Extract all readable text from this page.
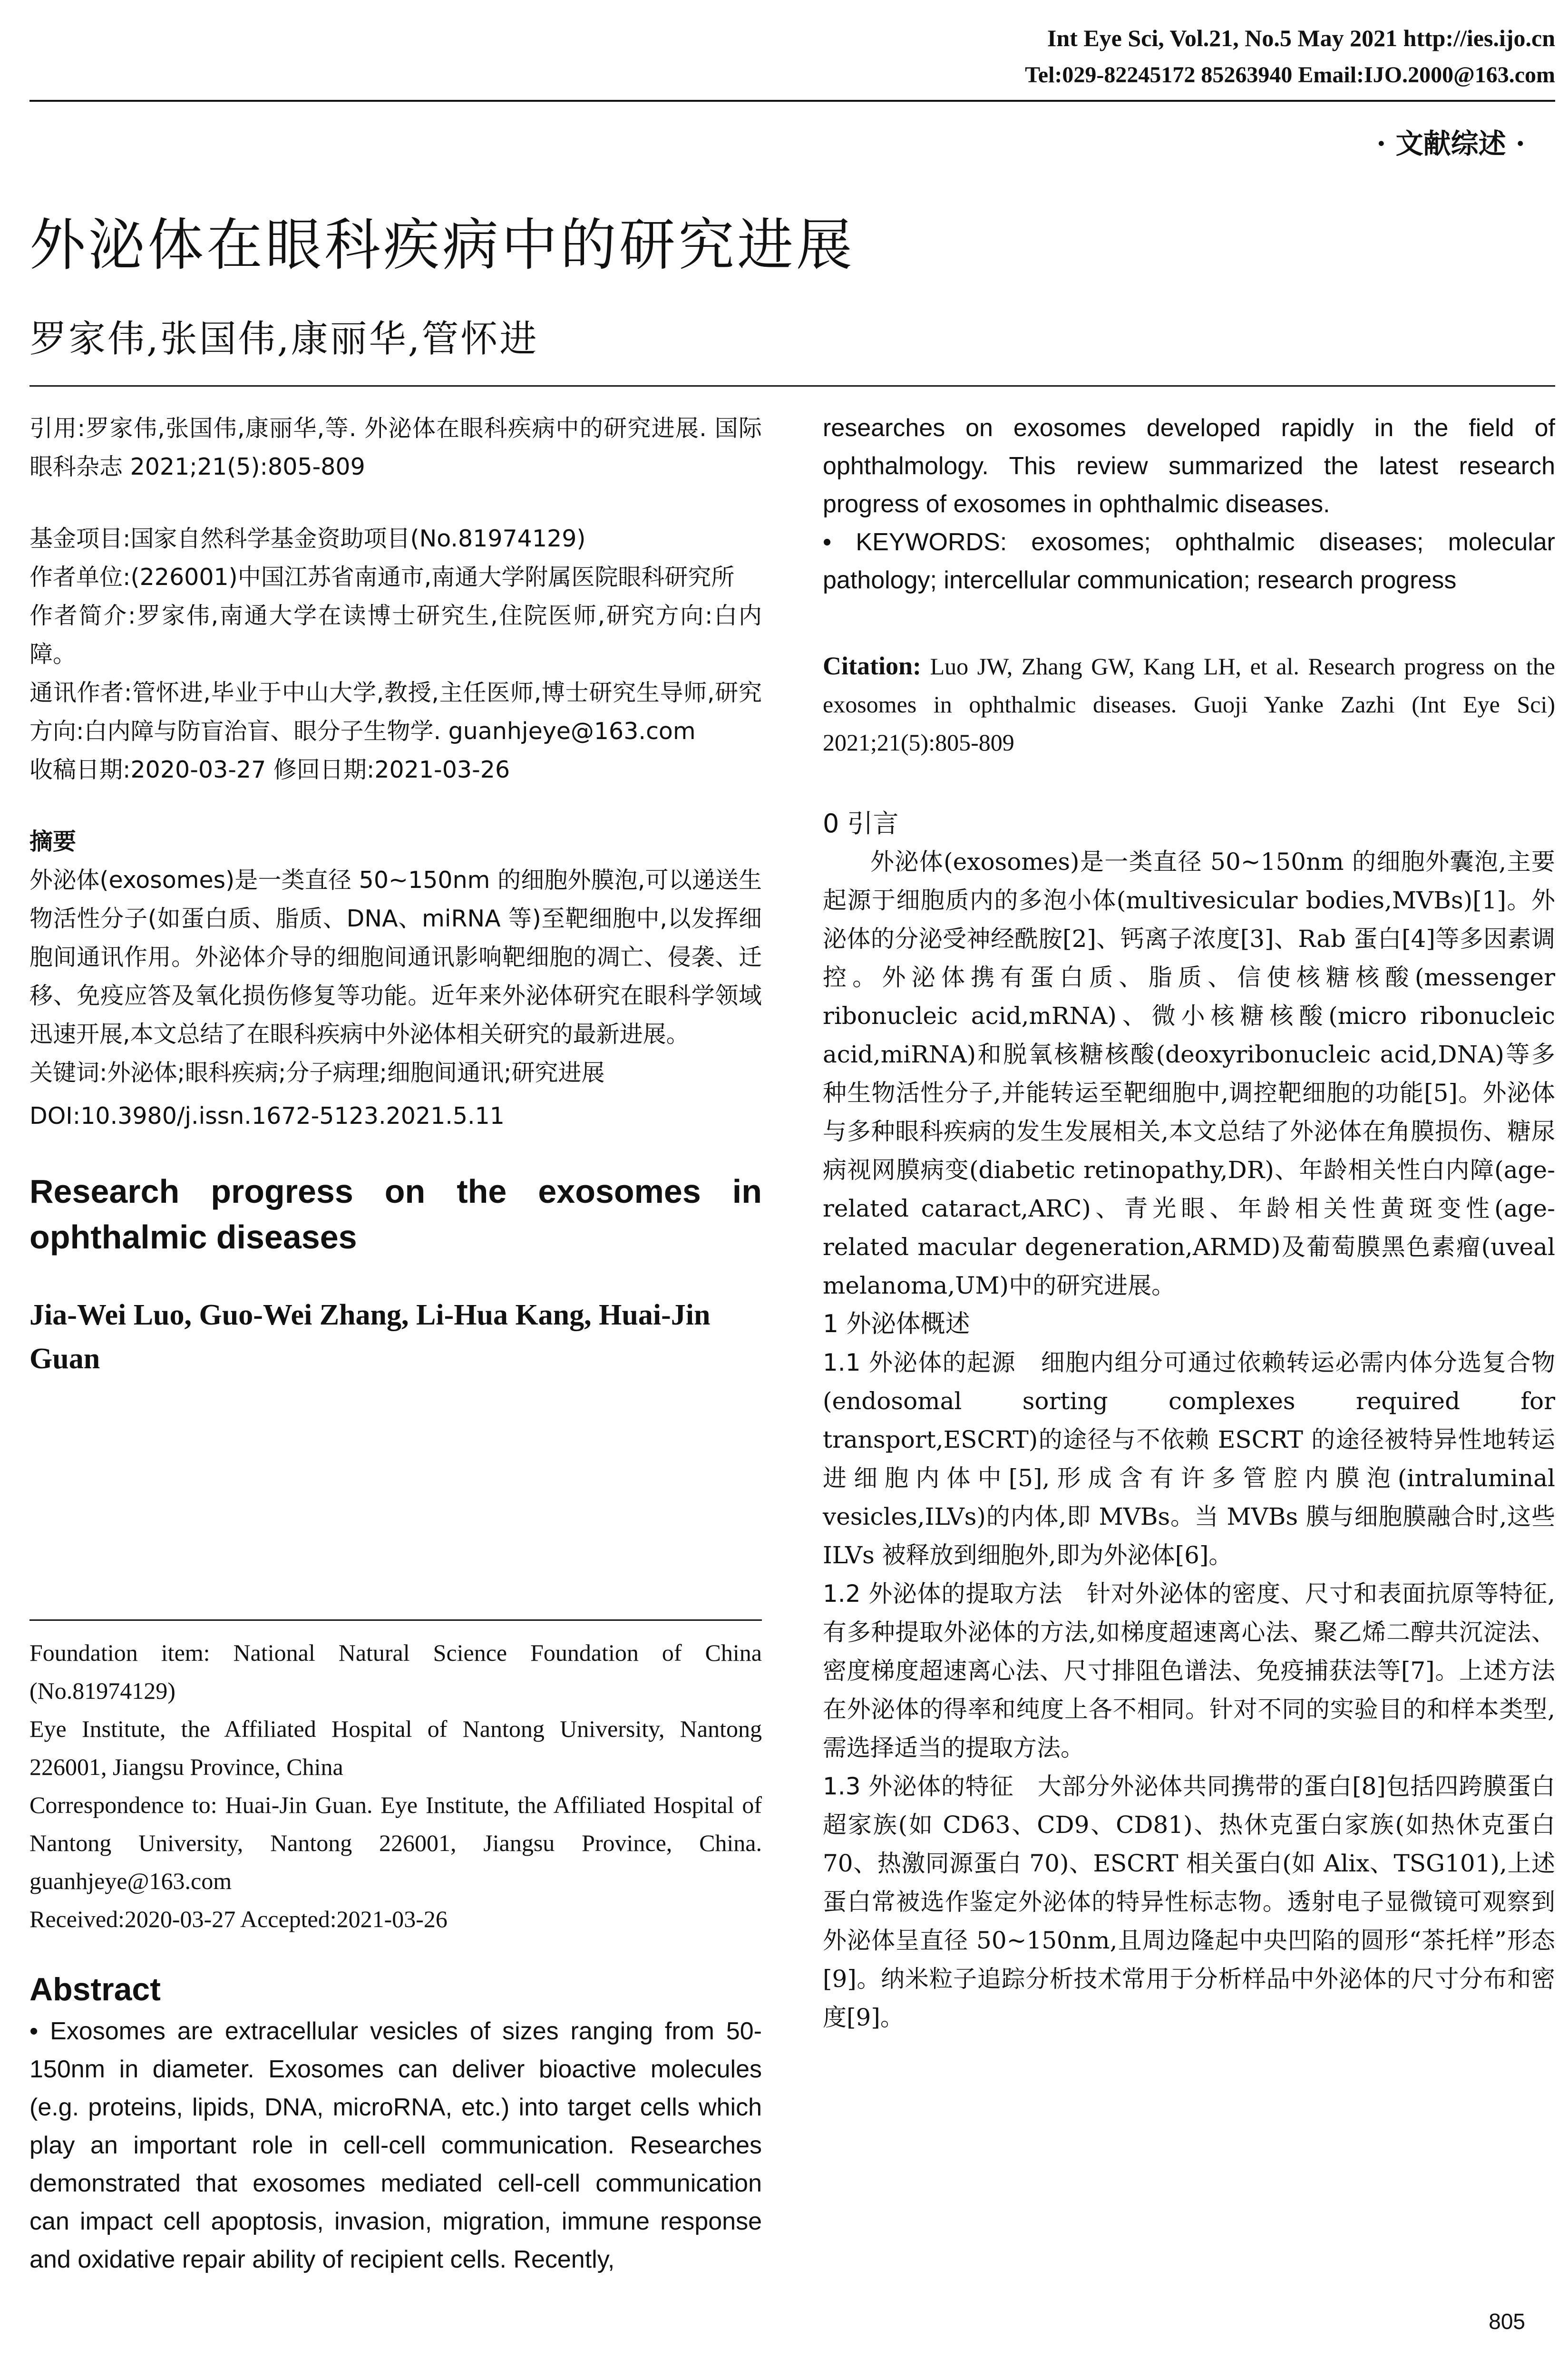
Int Eye Sci, Vol.21, No.5 May 2021 http://ies.ijo.cn
Tel:029-82245172 85263940 Email:IJO.2000@163.com
· 文献综述 ·
外泌体在眼科疾病中的研究进展
罗家伟,张国伟,康丽华,管怀进
引用:罗家伟,张国伟,康丽华,等. 外泌体在眼科疾病中的研究进展. 国际眼科杂志 2021;21(5):805-809
基金项目:国家自然科学基金资助项目(No.81974129)
作者单位:(226001)中国江苏省南通市,南通大学附属医院眼科研究所
作者简介:罗家伟,南通大学在读博士研究生,住院医师,研究方向:白内障。
通讯作者:管怀进,毕业于中山大学,教授,主任医师,博士研究生导师,研究方向:白内障与防盲治盲、眼分子生物学. guanhjeye@163.com
收稿日期:2020-03-27 修回日期:2021-03-26
摘要
外泌体(exosomes)是一类直径 50~150nm 的细胞外膜泡,可以递送生物活性分子(如蛋白质、脂质、DNA、miRNA 等)至靶细胞中,以发挥细胞间通讯作用。外泌体介导的细胞间通讯影响靶细胞的凋亡、侵袭、迁移、免疫应答及氧化损伤修复等功能。近年来外泌体研究在眼科学领域迅速开展,本文总结了在眼科疾病中外泌体相关研究的最新进展。
关键词:外泌体;眼科疾病;分子病理;细胞间通讯;研究进展
DOI:10.3980/j.issn.1672-5123.2021.5.11
Research progress on the exosomes in ophthalmic diseases
Jia-Wei Luo, Guo-Wei Zhang, Li-Hua Kang, Huai-Jin Guan
Foundation item: National Natural Science Foundation of China (No.81974129)
Eye Institute, the Affiliated Hospital of Nantong University, Nantong 226001, Jiangsu Province, China
Correspondence to: Huai-Jin Guan. Eye Institute, the Affiliated Hospital of Nantong University, Nantong 226001, Jiangsu Province, China. guanhjeye@163.com
Received:2020-03-27 Accepted:2021-03-26
Abstract
• Exosomes are extracellular vesicles of sizes ranging from 50-150nm in diameter. Exosomes can deliver bioactive molecules (e.g. proteins, lipids, DNA, microRNA, etc.) into target cells which play an important role in cell-cell communication. Researches demonstrated that exosomes mediated cell-cell communication can impact cell apoptosis, invasion, migration, immune response and oxidative repair ability of recipient cells. Recently,
researches on exosomes developed rapidly in the field of ophthalmology. This review summarized the latest research progress of exosomes in ophthalmic diseases.
• KEYWORDS: exosomes; ophthalmic diseases; molecular pathology; intercellular communication; research progress
Citation: Luo JW, Zhang GW, Kang LH, et al. Research progress on the exosomes in ophthalmic diseases. Guoji Yanke Zazhi (Int Eye Sci) 2021;21(5):805-809
0 引言
外泌体(exosomes)是一类直径 50~150nm 的细胞外囊泡,主要起源于细胞质内的多泡小体(multivesicular bodies,MVBs)[1]。外泌体的分泌受神经酰胺[2]、钙离子浓度[3]、Rab 蛋白[4]等多因素调控。外泌体携有蛋白质、脂质、信使核糖核酸(messenger ribonucleic acid,mRNA)、微小核糖核酸(micro ribonucleic acid,miRNA)和脱氧核糖核酸(deoxyribonucleic acid,DNA)等多种生物活性分子,并能转运至靶细胞中,调控靶细胞的功能[5]。外泌体与多种眼科疾病的发生发展相关,本文总结了外泌体在角膜损伤、糖尿病视网膜病变(diabetic retinopathy,DR)、年龄相关性白内障(age-related cataract,ARC)、青光眼、年龄相关性黄斑变性(age-related macular degeneration,ARMD)及葡萄膜黑色素瘤(uveal melanoma,UM)中的研究进展。
1 外泌体概述
1.1 外泌体的起源 细胞内组分可通过依赖转运必需内体分选复合物(endosomal sorting complexes required for transport,ESCRT)的途径与不依赖 ESCRT 的途径被特异性地转运进细胞内体中[5],形成含有许多管腔内膜泡(intraluminal vesicles,ILVs)的内体,即 MVBs。当 MVBs 膜与细胞膜融合时,这些 ILVs 被释放到细胞外,即为外泌体[6]。
1.2 外泌体的提取方法 针对外泌体的密度、尺寸和表面抗原等特征,有多种提取外泌体的方法,如梯度超速离心法、聚乙烯二醇共沉淀法、密度梯度超速离心法、尺寸排阻色谱法、免疫捕获法等[7]。上述方法在外泌体的得率和纯度上各不相同。针对不同的实验目的和样本类型,需选择适当的提取方法。
1.3 外泌体的特征 大部分外泌体共同携带的蛋白[8]包括四跨膜蛋白超家族(如 CD63、CD9、CD81)、热休克蛋白家族(如热休克蛋白 70、热激同源蛋白 70)、ESCRT 相关蛋白(如 Alix、TSG101),上述蛋白常被选作鉴定外泌体的特异性标志物。透射电子显微镜可观察到外泌体呈直径 50~150nm,且周边隆起中央凹陷的圆形“茶托样”形态[9]。纳米粒子追踪分析技术常用于分析样品中外泌体的尺寸分布和密度[9]。
805
